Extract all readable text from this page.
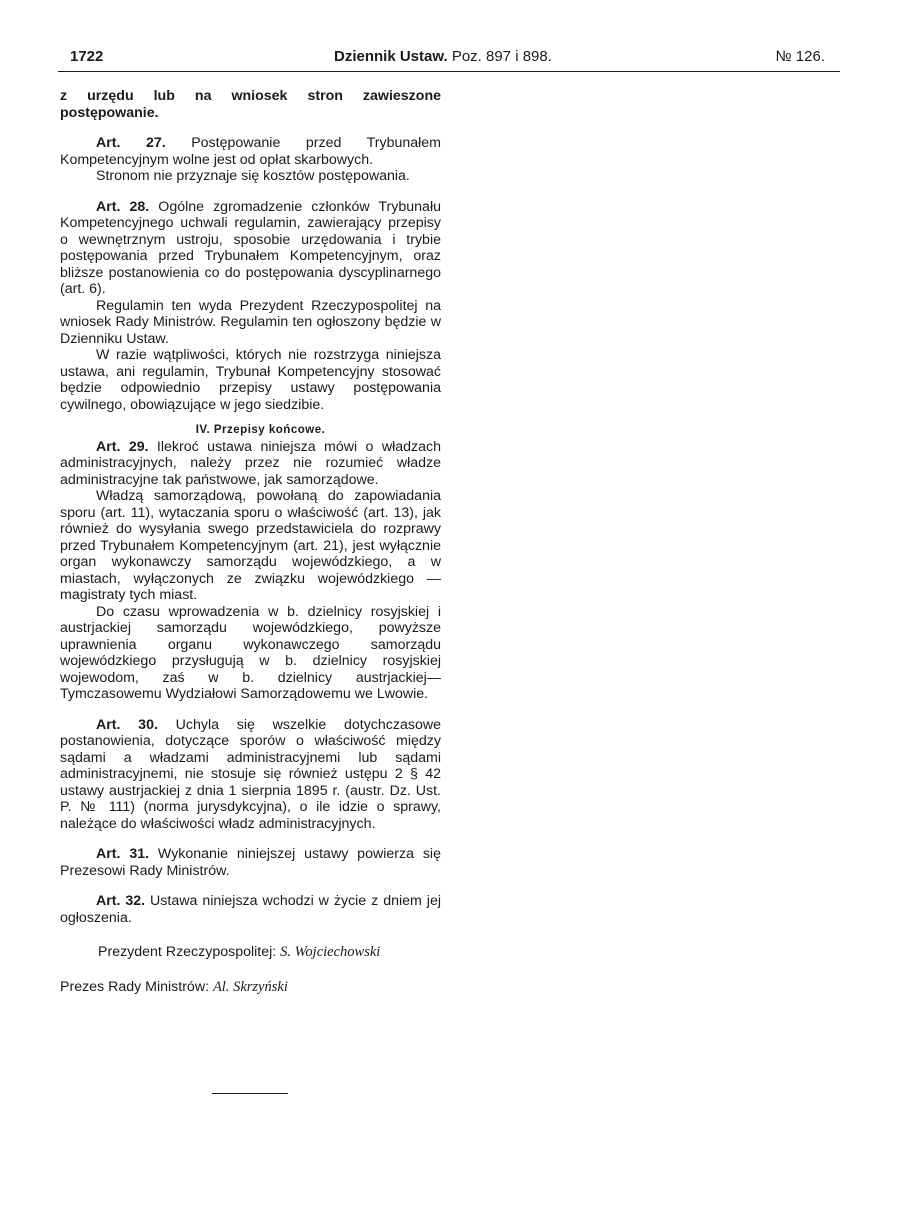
1722	Dziennik Ustaw. Poz. 897 i 898.	№ 126.

z urzędu lub na wniosek stron zawieszone postępowanie.

Art. 27. Postępowanie przed Trybunałem Kompetencyjnym wolne jest od opłat skarbowych.

Stronom nie przyznaje się kosztów postępowania.

Art. 28. Ogólne zgromadzenie członków Trybunału Kompetencyjnego uchwali regulamin, zawierający przepisy o wewnętrznym ustroju, sposobie urzędowania i trybie postępowania przed Trybunałem Kompetencyjnym, oraz bliższe postanowienia co do postępowania dyscyplinarnego (art. 6).

Regulamin ten wyda Prezydent Rzeczypospolitej na wniosek Rady Ministrów. Regulamin ten ogłoszony będzie w Dzienniku Ustaw.

W razie wątpliwości, których nie rozstrzyga niniejsza ustawa, ani regulamin, Trybunał Kompetencyjny stosować będzie odpowiednio przepisy ustawy postępowania cywilnego, obowiązujące w jego siedzibie.

IV. Przepisy końcowe.

Art. 29. Ilekroć ustawa niniejsza mówi o władzach administracyjnych, należy przez nie rozumieć władze administracyjne tak państwowe, jak samorządowe.

Władzą samorządową, powołaną do zapowiadania sporu (art. 11), wytaczania sporu o właściwość (art. 13), jak również do wysyłania swego przedstawiciela do rozprawy przed Trybunałem Kompetencyjnym (art. 21), jest wyłącznie organ wykonawczy samorządu wojewódzkiego, a w miastach, wyłączonych ze związku wojewódzkiego — magistraty tych miast.

Do czasu wprowadzenia w b. dzielnicy rosyjskiej i austrjackiej samorządu wojewódzkiego, powyższe uprawnienia organu wykonawczego samorządu wojewódzkiego przysługują w b. dzielnicy rosyjskiej wojewodom, zaś w b. dzielnicy austrjackiej—Tymczasowemu Wydziałowi Samorządowemu we Lwowie.

Art. 30. Uchyla się wszelkie dotychczasowe postanowienia, dotyczące sporów o właściwość między sądami a władzami administracyjnemi lub sądami administracyjnemi, nie stosuje się również ustępu 2 § 42 ustawy austrjackiej z dnia 1 sierpnia 1895 r. (austr. Dz. Ust. P. № 111) (norma jurysdykcyjna), o ile idzie o sprawy, należące do właściwości władz administracyjnych.

Art. 31. Wykonanie niniejszej ustawy powierza się Prezesowi Rady Ministrów.

Art. 32. Ustawa niniejsza wchodzi w życie z dniem jej ogłoszenia.

Prezydent Rzeczypospolitej: S. Wojciechowski

Prezes Rady Ministrów: Al. Skrzyński
